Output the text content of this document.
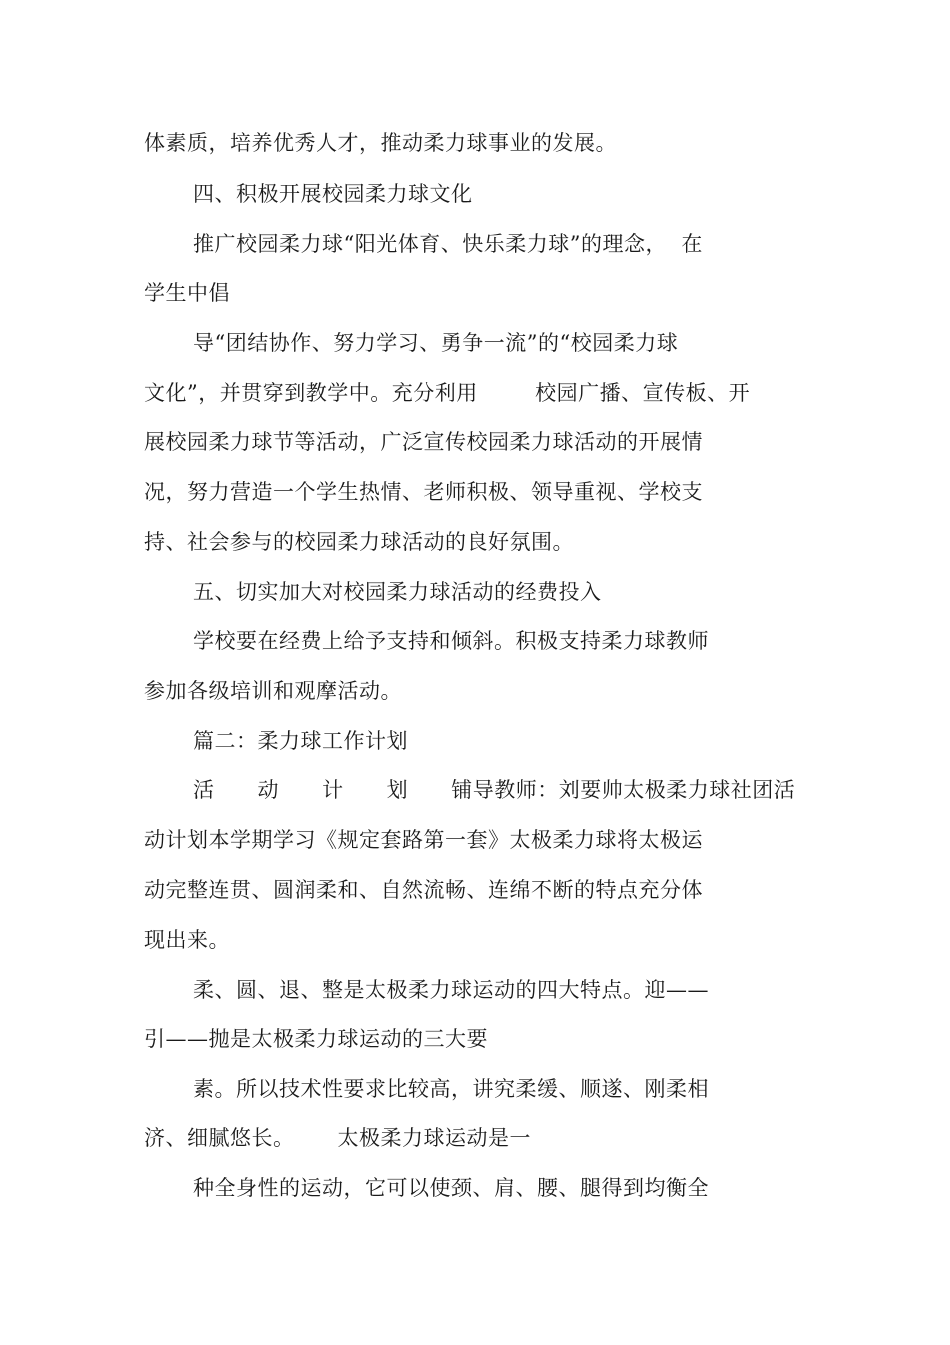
体素质，培养优秀人才，推动柔力球事业的发展。
四、积极开展校园柔力球文化
推广校园柔力球“阳光体育、快乐柔力球”的理念，  在
学生中倡
导“团结协作、努力学习、勇争一流”的“校园柔力球
文化”，并贯穿到教学中。充分利用        校园广播、宣传板、开
展校园柔力球节等活动，广泛宣传校园柔力球活动的开展情
况，努力营造一个学生热情、老师积极、领导重视、学校支
持、社会参与的校园柔力球活动的良好氛围。
五、切实加大对校园柔力球活动的经费投入
学校要在经费上给予支持和倾斜。积极支持柔力球教师
参加各级培训和观摩活动。
篇二：柔力球工作计划
活      动      计      划      铺导教师：刘要帅太极柔力球社团活
动计划本学期学习《规定套路第一套》太极柔力球将太极运
动完整连贯、圆润柔和、自然流畅、连绵不断的特点充分体
现出来。
柔、圆、退、整是太极柔力球运动的四大特点。迎——
引——抛是太极柔力球运动的三大要
素。所以技术性要求比较高，讲究柔缓、顺遂、刚柔相
济、细腻悠长。      太极柔力球运动是一
种全身性的运动，它可以使颈、肩、腰、腿得到均衡全
